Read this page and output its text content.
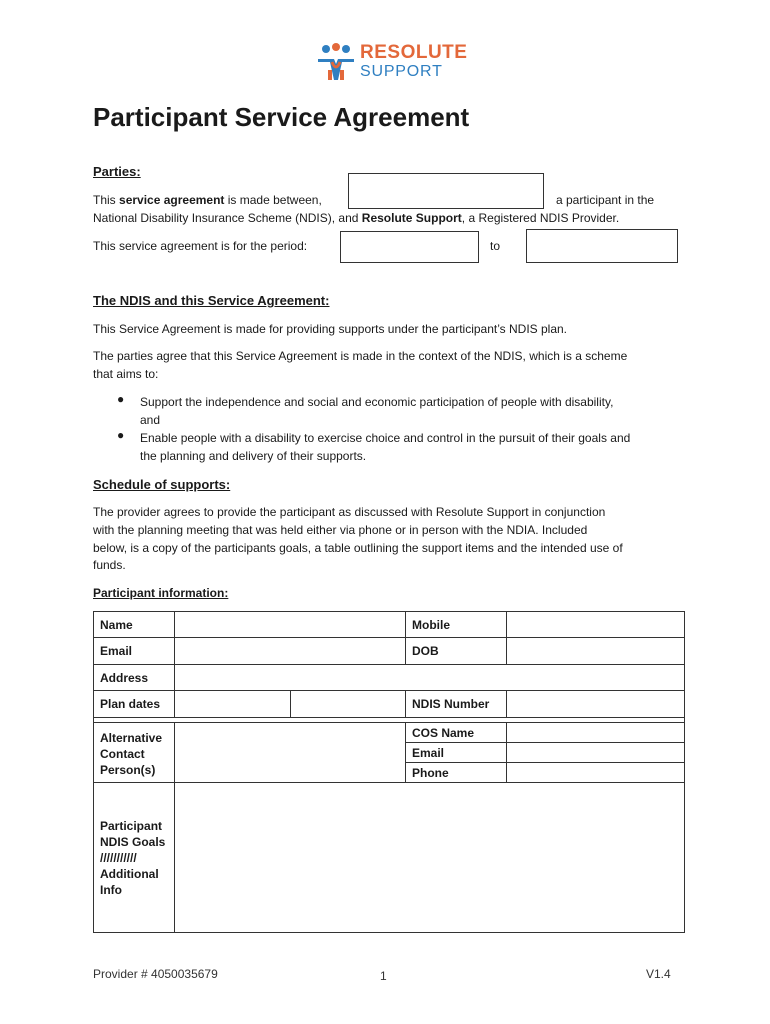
RESOLUTE
SUPPORT
Participant Service Agreement
Parties:
This service agreement is made between,	a participant in the
National Disability Insurance Scheme (NDIS), and Resolute Support, a Registered NDIS Provider.
This service agreement is for the period:	to
The NDIS and this Service Agreement:
This Service Agreement is made for providing supports under the participant’s NDIS plan.
The parties agree that this Service Agreement is made in the context of the NDIS, which is a scheme
that aims to:
● Support the independence and social and economic participation of people with disability,
and
● Enable people with a disability to exercise choice and control in the pursuit of their goals and
the planning and delivery of their supports.
Schedule of supports:
The provider agrees to provide the participant as discussed with Resolute Support in conjunction
with the planning meeting that was held either via phone or in person with the NDIA. Included
below, is a copy of the participants goals, a table outlining the support items and the intended use of
funds.
Participant information:
Name			Mobile	
Email			DOB	
Address				
Plan dates			NDIS Number	

Alternative
Contact
Person(s)			COS Name	
			Email	
			Phone	

Participant
NDIS Goals
///////////
Additional
Info				

Provider # 4050035679	1	V1.4
